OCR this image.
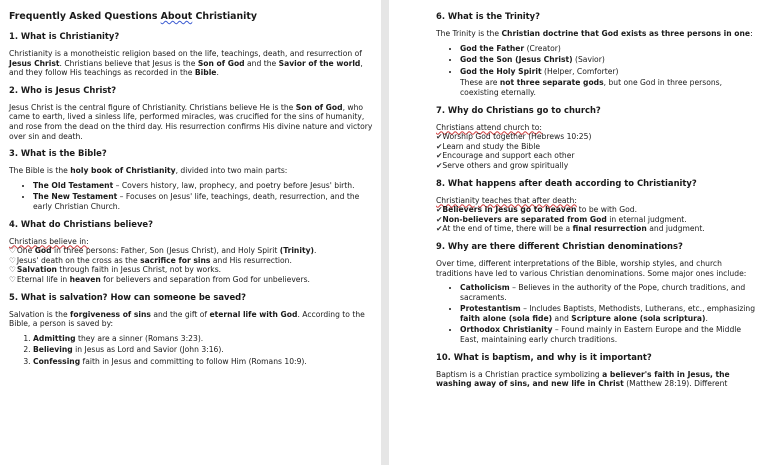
Frequently Asked Questions About Christianity
1. What is Christianity?

Christianity is a monotheistic religion based on the life, teachings, death, and resurrection of Jesus Christ. Christians believe that Jesus is the Son of God and the Savior of the world, and they follow His teachings as recorded in the Bible.

2. Who is Jesus Christ?

Jesus Christ is the central figure of Christianity. Christians believe He is the Son of God, who came to earth, lived a sinless life, performed miracles, was crucified for the sins of humanity, and rose from the dead on the third day. His resurrection confirms His divine nature and victory over sin and death.

3. What is the Bible?

The Bible is the holy book of Christianity, divided into two main parts:

• The Old Testament – Covers history, law, prophecy, and poetry before Jesus' birth.
• The New Testament – Focuses on Jesus' life, teachings, death, resurrection, and the early Christian Church.
4. What do Christians believe?

Christians believe in:

♡ One God in three persons: Father, Son (Jesus Christ), and Holy Spirit (Trinity).

♡ Jesus' death on the cross as the sacrifice for sins and His resurrection.

♡ Salvation through faith in Jesus Christ, not by works.

♡ Eternal life in heaven for believers and separation from God for unbelievers.

5. What is salvation? How can someone be saved?

Salvation is the forgiveness of sins and the gift of eternal life with God. According to the Bible, a person is saved by:

1. Admitting they are a sinner (Romans 3:23).
2. Believing in Jesus as Lord and Savior (John 3:16).
3. Confessing faith in Jesus and committing to follow Him (Romans 10:9).
6. What is the Trinity?

The Trinity is the Christian doctrine that God exists as three persons in one:

• God the Father (Creator)
• God the Son (Jesus Christ) (Savior)
• God the Holy Spirit (Helper, Comforter)

These are not three separate gods, but one God in three persons, coexisting eternally.

7. Why do Christians go to church?

Christians attend church to:

✔ Worship God together (Hebrews 10:25)

✔ Learn and study the Bible

✔ Encourage and support each other

✔ Serve others and grow spiritually

8. What happens after death according to Christianity?

Christianity teaches that after death:

✔ Believers in Jesus go to heaven to be with God.

✔ Non-believers are separated from God in eternal judgment.

✔ At the end of time, there will be a final resurrection and judgment.

9. Why are there different Christian denominations?

Over time, different interpretations of the Bible, worship styles, and church traditions have led to various Christian denominations. Some major ones include:

• Catholicism – Believes in the authority of the Pope, church traditions, and sacraments.
• Protestantism – Includes Baptists, Methodists, Lutherans, etc., emphasizing faith alone (sola fide) and Scripture alone (sola scriptura).
• Orthodox Christianity – Found mainly in Eastern Europe and the Middle East, maintaining early church traditions.
10. What is baptism, and why is it important?

Baptism is a Christian practice symbolizing a believer's faith in Jesus, the washing away of sins, and new life in Christ (Matthew 28:19). Different
